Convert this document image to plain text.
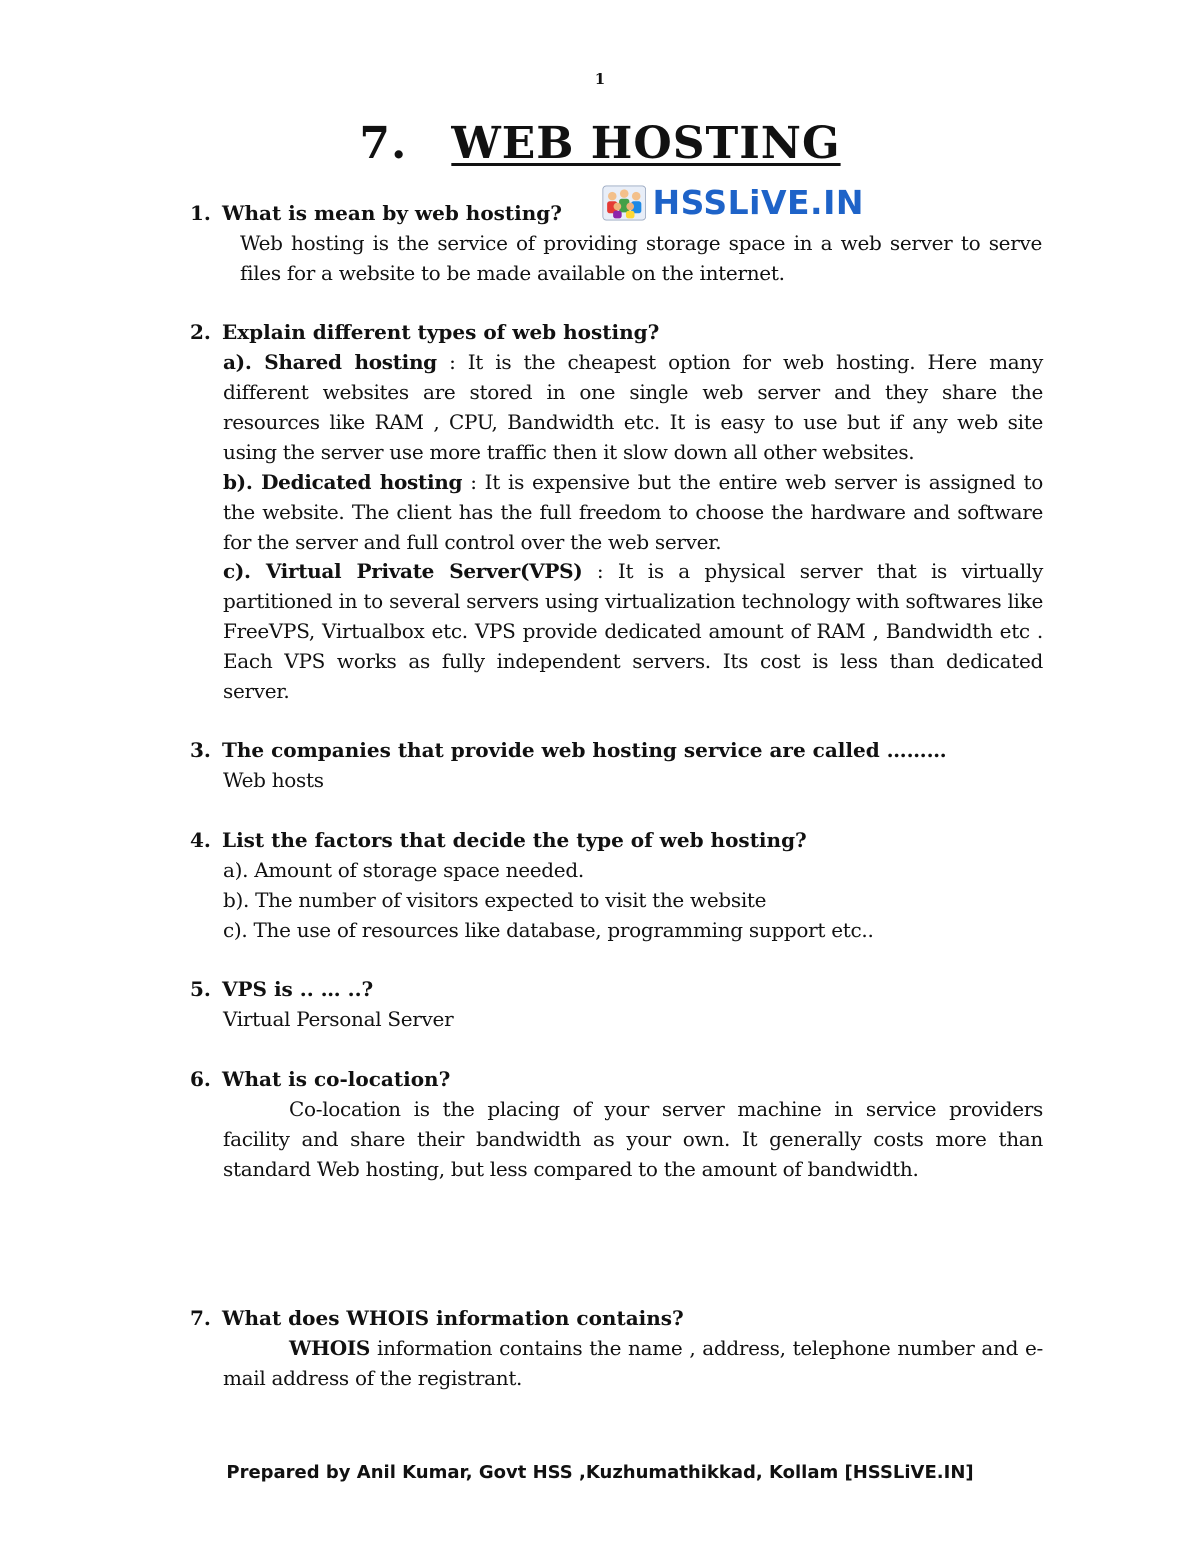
1
7. WEB HOSTING
HSSLiVE.IN
1. What is mean by web hosting?
Web hosting is the service of providing storage space in a web server to serve files for a website to be made available on the internet.
2. Explain different types of web hosting?
a). Shared hosting : It is the cheapest option for web hosting. Here many different websites are stored in one single web server and they share the resources like RAM , CPU, Bandwidth etc. It is easy to use but if any web site using the server use more traffic then it slow down all other websites.
b). Dedicated hosting : It is expensive but the entire web server is assigned to the website. The client has the full freedom to choose the hardware and software for the server and full control over the web server.
c). Virtual Private Server(VPS) : It is a physical server that is virtually partitioned in to several servers using virtualization technology with softwares like FreeVPS, Virtualbox etc. VPS provide dedicated amount of RAM , Bandwidth etc . Each VPS works as fully independent servers. Its cost is less than dedicated server.
3. The companies that provide web hosting service are called ………
Web hosts
4. List the factors that decide the type of web hosting?
a). Amount of storage space needed.
b). The number of visitors expected to visit the website
c). The use of resources like database, programming support etc..
5. VPS is .. … ..?
Virtual Personal Server
6. What is co-location?
Co-location is the placing of your server machine in service providers facility and share their bandwidth as your own. It generally costs more than standard Web hosting, but less compared to the amount of bandwidth.
7. What does WHOIS information contains?
WHOIS information contains the name , address, telephone number and e-mail address of the registrant.
Prepared by Anil Kumar, Govt HSS ,Kuzhumathikkad, Kollam [HSSLiVE.IN]
